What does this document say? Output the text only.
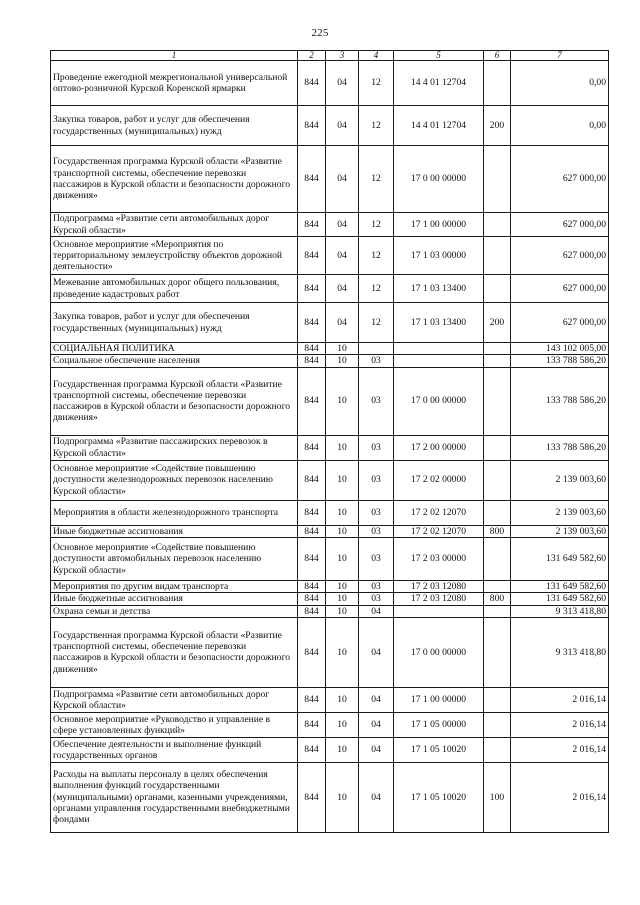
225
1	2	3	4	5	6	7
Проведение ежегодной межрегиональной универсальной оптово-розничной Курской Коренской ярмарки	844	04	12	14 4 01 12704		0,00
Закупка товаров, работ и услуг для обеспечения государственных (муниципальных) нужд	844	04	12	14 4 01 12704	200	0,00
Государственная программа Курской области «Развитие транспортной системы, обеспечение перевозки пассажиров в Курской области и безопасности дорожного движения»	844	04	12	17 0 00 00000		627 000,00
Подпрограмма «Развитие сети автомобильных дорог Курской области»	844	04	12	17 1 00 00000		627 000,00
Основное мероприятие «Мероприятия по территориальному землеустройству объектов дорожной деятельности»	844	04	12	17 1 03 00000		627 000,00
Межевание автомобильных дорог общего пользования, проведение кадастровых работ	844	04	12	17 1 03 13400		627 000,00
Закупка товаров, работ и услуг для обеспечения государственных (муниципальных) нужд	844	04	12	17 1 03 13400	200	627 000,00
СОЦИАЛЬНАЯ ПОЛИТИКА	844	10				143 102 005,00
Социальное обеспечение населения	844	10	03			133 788 586,20
Государственная программа Курской области «Развитие транспортной системы, обеспечение перевозки пассажиров в Курской области и безопасности дорожного движения»	844	10	03	17 0 00 00000		133 788 586,20
Подпрограмма «Развитие пассажирских перевозок в Курской области»	844	10	03	17 2 00 00000		133 788 586,20
Основное мероприятие «Содействие повышению доступности железнодорожных перевозок населению Курской области»	844	10	03	17 2 02 00000		2 139 003,60
Мероприятия в области железнодорожного транспорта	844	10	03	17 2 02 12070		2 139 003,60
Иные бюджетные ассигнования	844	10	03	17 2 02 12070	800	2 139 003,60
Основное мероприятие «Содействие повышению доступности автомобильных перевозок населению Курской области»	844	10	03	17 2 03 00000		131 649 582,60
Мероприятия по другим видам транспорта	844	10	03	17 2 03 12080		131 649 582,60
Иные бюджетные ассигнования	844	10	03	17 2 03 12080	800	131 649 582,60
Охрана семьи и детства	844	10	04			9 313 418,80
Государственная программа Курской области «Развитие транспортной системы, обеспечение перевозки пассажиров в Курской области и безопасности дорожного движения»	844	10	04	17 0 00 00000		9 313 418,80
Подпрограмма «Развитие сети автомобильных дорог Курской области»	844	10	04	17 1 00 00000		2 016,14
Основное мероприятие «Руководство и управление в сфере установленных функций»	844	10	04	17 1 05 00000		2 016,14
Обеспечение деятельности и выполнение функций государственных органов	844	10	04	17 1 05 10020		2 016,14
Расходы на выплаты персоналу в целях обеспечения выполнения функций государственными (муниципальными) органами, казенными учреждениями, органами управления государственными внебюджетными фондами	844	10	04	17 1 05 10020	100	2 016,14
